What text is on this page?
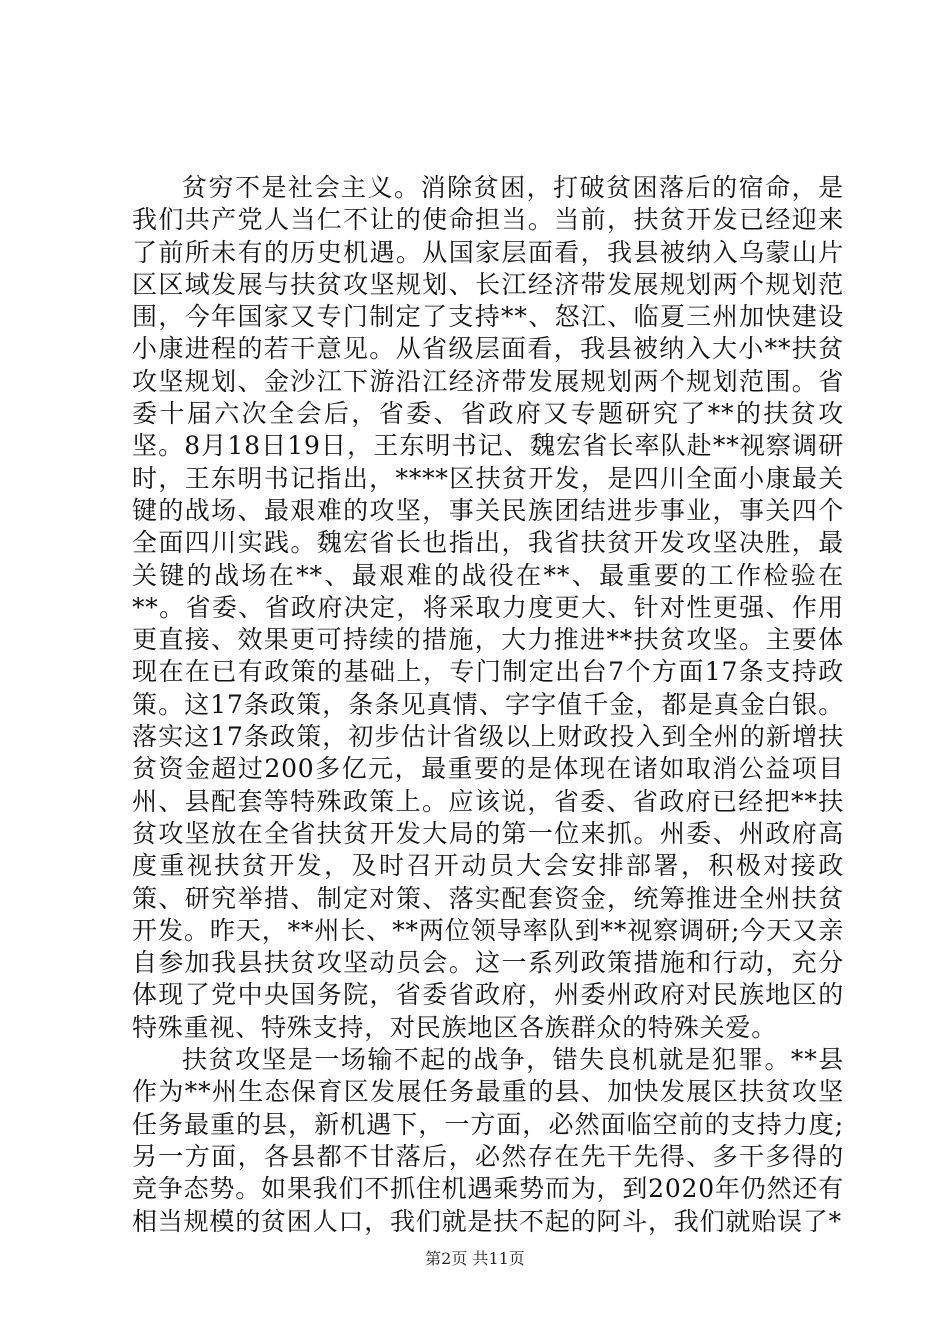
贫穷不是社会主义。消除贫困，打破贫困落后的宿命，是我们共产党人当仁不让的使命担当。当前，扶贫开发已经迎来了前所未有的历史机遇。从国家层面看，我县被纳入乌蒙山片区区域发展与扶贫攻坚规划、长江经济带发展规划两个规划范围，今年国家又专门制定了支持**、怒江、临夏三州加快建设小康进程的若干意见。从省级层面看，我县被纳入大小**扶贫攻坚规划、金沙江下游沿江经济带发展规划两个规划范围。省委十届六次全会后，省委、省政府又专题研究了**的扶贫攻坚。8月18日19日，王东明书记、魏宏省长率队赴**视察调研时，王东明书记指出，****区扶贫开发，是四川全面小康最关键的战场、最艰难的攻坚，事关民族团结进步事业，事关四个全面四川实践。魏宏省长也指出，我省扶贫开发攻坚决胜，最关键的战场在**、最艰难的战役在**、最重要的工作检验在**。省委、省政府决定，将采取力度更大、针对性更强、作用更直接、效果更可持续的措施，大力推进**扶贫攻坚。主要体现在在已有政策的基础上，专门制定出台7个方面17条支持政策。这17条政策，条条见真情、字字值千金，都是真金白银。落实这17条政策，初步估计省级以上财政投入到全州的新增扶贫资金超过200多亿元，最重要的是体现在诸如取消公益项目州、县配套等特殊政策上。应该说，省委、省政府已经把**扶贫攻坚放在全省扶贫开发大局的第一位来抓。州委、州政府高度重视扶贫开发，及时召开动员大会安排部署，积极对接政策、研究举措、制定对策、落实配套资金，统筹推进全州扶贫开发。昨天，**州长、**两位领导率队到**视察调研;今天又亲自参加我县扶贫攻坚动员会。这一系列政策措施和行动，充分体现了党中央国务院，省委省政府，州委州政府对民族地区的特殊重视、特殊支持，对民族地区各族群众的特殊关爱。

扶贫攻坚是一场输不起的战争，错失良机就是犯罪。**县作为**州生态保育区发展任务最重的县、加快发展区扶贫攻坚任务最重的县，新机遇下，一方面，必然面临空前的支持力度;另一方面，各县都不甘落后，必然存在先干先得、多干多得的竞争态势。如果我们不抓住机遇乘势而为，到2020年仍然还有相当规模的贫困人口，我们就是扶不起的阿斗，我们就贻误了*

第2页 共11页
